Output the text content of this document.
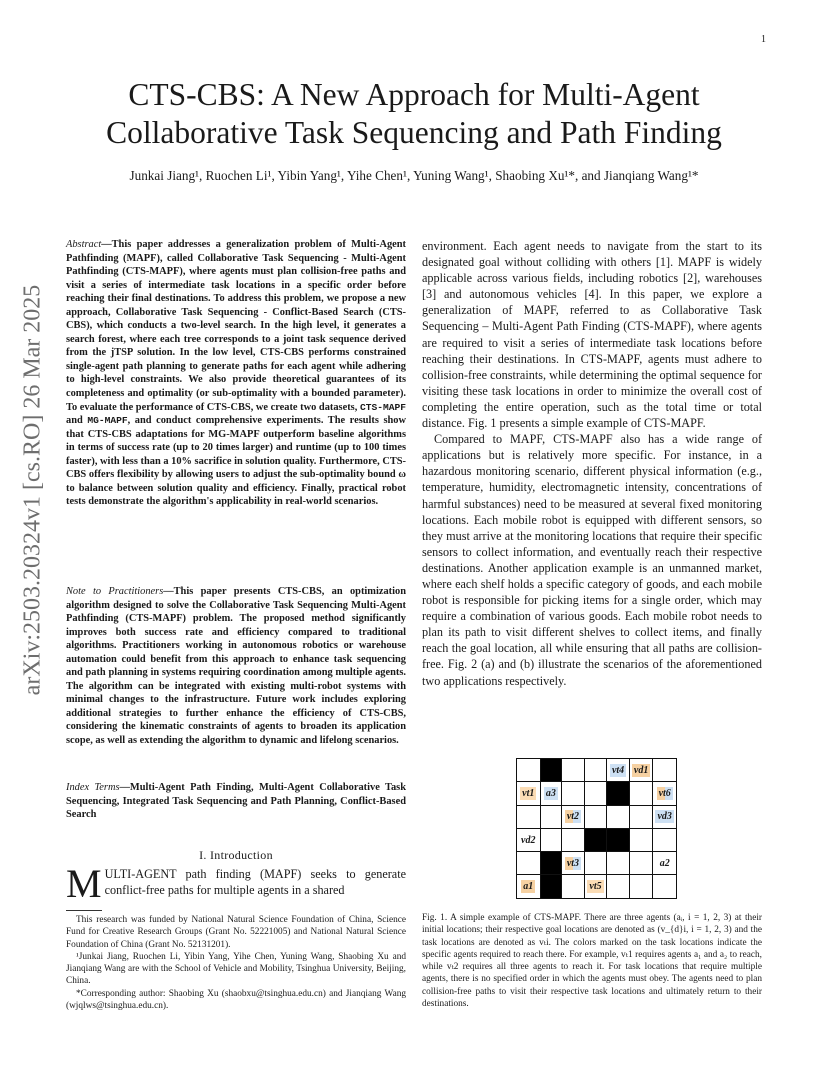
1
arXiv:2503.20324v1 [cs.RO] 26 Mar 2025
CTS-CBS: A New Approach for Multi-Agent Collaborative Task Sequencing and Path Finding
Junkai Jiang¹, Ruochen Li¹, Yibin Yang¹, Yihe Chen¹, Yuning Wang¹, Shaobing Xu¹*, and Jianqiang Wang¹*

Abstract—This paper addresses a generalization problem of Multi-Agent Pathfinding (MAPF), called Collaborative Task Sequencing - Multi-Agent Pathfinding (CTS-MAPF), where agents must plan collision-free paths and visit a series of intermediate task locations in a specific order before reaching their final destinations. To address this problem, we propose a new approach, Collaborative Task Sequencing - Conflict-Based Search (CTS-CBS), which conducts a two-level search. In the high level, it generates a search forest, where each tree corresponds to a joint task sequence derived from the jTSP solution. In the low level, CTS-CBS performs constrained single-agent path planning to generate paths for each agent while adhering to high-level constraints. We also provide theoretical guarantees of its completeness and optimality (or sub-optimality with a bounded parameter). To evaluate the performance of CTS-CBS, we create two datasets, CTS-MAPF and MG-MAPF, and conduct comprehensive experiments. The results show that CTS-CBS adaptations for MG-MAPF outperform baseline algorithms in terms of success rate (up to 20 times larger) and runtime (up to 100 times faster), with less than a 10% sacrifice in solution quality. Furthermore, CTS-CBS offers flexibility by allowing users to adjust the sub-optimality bound ω to balance between solution quality and efficiency. Finally, practical robot tests demonstrate the algorithm's applicability in real-world scenarios.

Note to Practitioners—This paper presents CTS-CBS, an optimization algorithm designed to solve the Collaborative Task Sequencing Multi-Agent Pathfinding (CTS-MAPF) problem. The proposed method significantly improves both success rate and efficiency compared to traditional algorithms. Practitioners working in autonomous robotics or warehouse automation could benefit from this approach to enhance task sequencing and path planning in systems requiring coordination among multiple agents. The algorithm can be integrated with existing multi-robot systems with minimal changes to the infrastructure. Future work includes exploring additional strategies to further enhance the efficiency of CTS-CBS, considering the kinematic constraints of agents to broaden its application scope, as well as extending the algorithm to dynamic and lifelong scenarios.

Index Terms—Multi-Agent Path Finding, Multi-Agent Collaborative Task Sequencing, Integrated Task Sequencing and Path Planning, Conflict-Based Search

I. Introduction
MULTI-AGENT path finding (MAPF) seeks to generate conflict-free paths for multiple agents in a shared

This research was funded by National Natural Science Foundation of China, Science Fund for Creative Research Groups (Grant No. 52221005) and National Natural Science Foundation of China (Grant No. 52131201).

¹Junkai Jiang, Ruochen Li, Yibin Yang, Yihe Chen, Yuning Wang, Shaobing Xu and Jianqiang Wang are with the School of Vehicle and Mobility, Tsinghua University, Beijing, China.

*Corresponding author: Shaobing Xu (shaobxu@tsinghua.edu.cn) and Jianqiang Wang (wjqlws@tsinghua.edu.cn).

environment. Each agent needs to navigate from the start to its designated goal without colliding with others [1]. MAPF is widely applicable across various fields, including robotics [2], warehouses [3] and autonomous vehicles [4]. In this paper, we explore a generalization of MAPF, referred to as Collaborative Task Sequencing – Multi-Agent Path Finding (CTS-MAPF), where agents are required to visit a series of intermediate task locations before reaching their destinations. In CTS-MAPF, agents must adhere to collision-free constraints, while determining the optimal sequence for visiting these task locations in order to minimize the overall cost of completing the entire operation, such as the total time or total distance. Fig. 1 presents a simple example of CTS-MAPF.

Compared to MAPF, CTS-MAPF also has a wide range of applications but is relatively more specific. For instance, in a hazardous monitoring scenario, different physical information (e.g., temperature, humidity, electromagnetic intensity, concentrations of harmful substances) need to be measured at several fixed monitoring locations. Each mobile robot is equipped with different sensors, so they must arrive at the monitoring locations that require their specific sensors to collect information, and eventually reach their respective destinations. Another application example is an unmanned market, where each shelf holds a specific category of goods, and each mobile robot is responsible for picking items for a single order, which may require a combination of various goods. Each mobile robot needs to plan its path to visit different shelves to collect items, and finally reach the goal location, all while ensuring that all paths are collision-free. Fig. 2 (a) and (b) illustrate the scenarios of the aforementioned two applications respectively.

				vt4	vd1	
vt1	a3					vt6
		vt2				vd3
vd2						
		vt3				a2
a1			vt5			
Fig. 1. A simple example of CTS-MAPF. There are three agents (aᵢ, i = 1, 2, 3) at their initial locations; their respective goal locations are denoted as (v_{d}i, i = 1, 2, 3) and the task locations are denoted as vₜi. The colors marked on the task locations indicate the specific agents required to reach there. For example, vₜ1 requires agents a₁ and a₂ to reach, while vₜ2 requires all three agents to reach it. For task locations that require multiple agents, there is no specified order in which the agents must obey. The agents need to plan collision-free paths to visit their respective task locations and ultimately return to their destinations.
